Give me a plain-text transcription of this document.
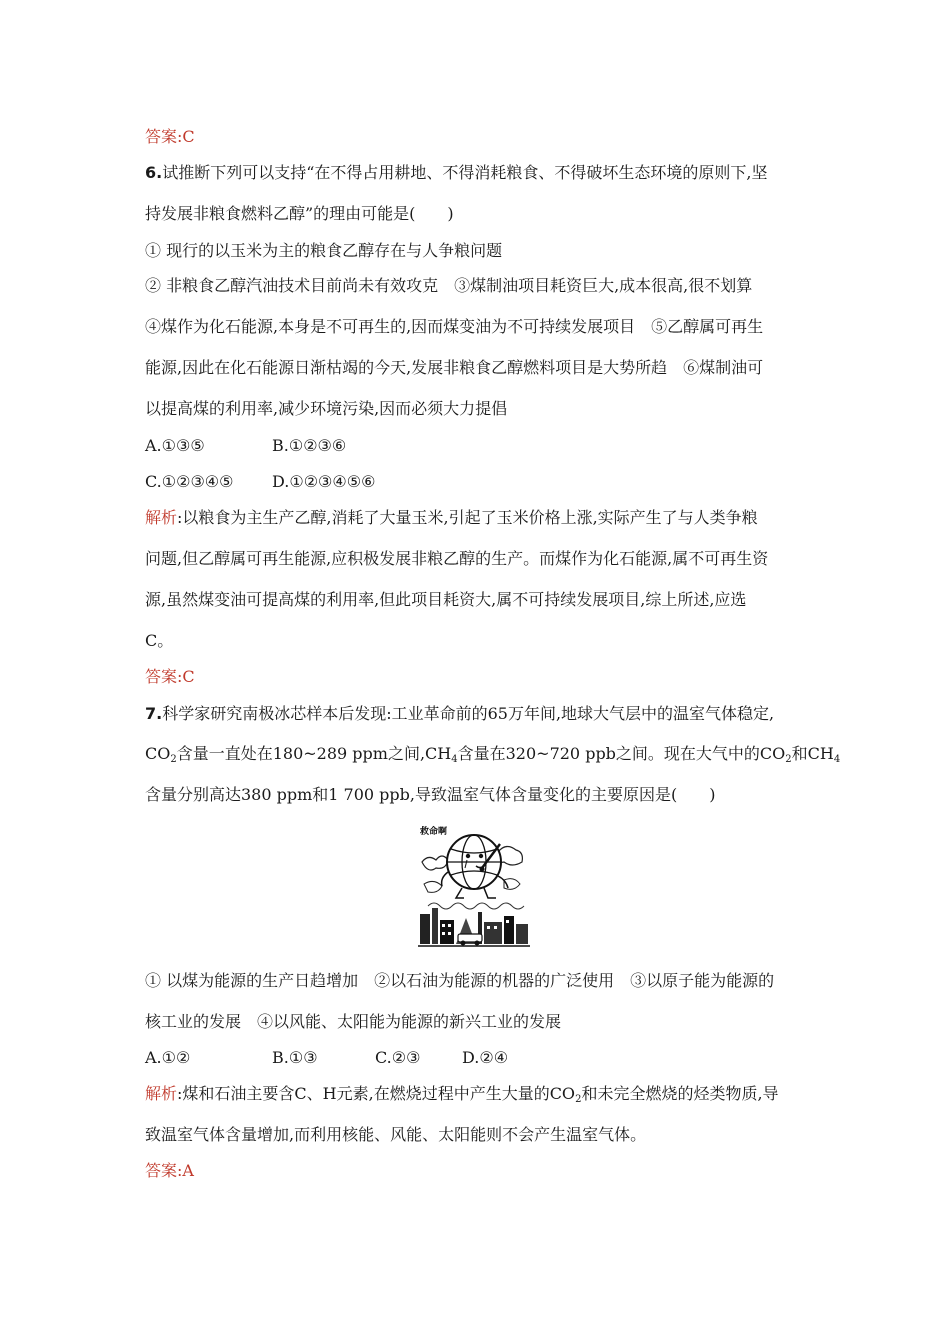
答案:C
6.试推断下列可以支持“在不得占用耕地、不得消耗粮食、不得破坏生态环境的原则下,坚
持发展非粮食燃料乙醇”的理由可能是(　　)
① 现行的以玉米为主的粮食乙醇存在与人争粮问题
② 非粮食乙醇汽油技术目前尚未有效攻克　③煤制油项目耗资巨大,成本很高,很不划算
④煤作为化石能源,本身是不可再生的,因而煤变油为不可持续发展项目　⑤乙醇属可再生
能源,因此在化石能源日渐枯竭的今天,发展非粮食乙醇燃料项目是大势所趋　⑥煤制油可
以提高煤的利用率,减少环境污染,因而必须大力提倡
A.①③⑤	B.①②③⑥
C.①②③④⑤ D.①②③④⑤⑥
解析:以粮食为主生产乙醇,消耗了大量玉米,引起了玉米价格上涨,实际产生了与人类争粮
问题,但乙醇属可再生能源,应积极发展非粮乙醇的生产。而煤作为化石能源,属不可再生资
源,虽然煤变油可提高煤的利用率,但此项目耗资大,属不可持续发展项目,综上所述,应选
C。
答案:C
7.科学家研究南极冰芯样本后发现:工业革命前的65万年间,地球大气层中的温室气体稳定,
$CO_2$含量一直处在180~289 ppm之间$,CH_4$含量在320~720 ppb之间。现在大气中的$CO_2$和$CH_4$
含量分别高达380 ppm和1 700 ppb,导致温室气体含量变化的主要原因是(　　)
救命啊
① 以煤为能源的生产日趋增加　②以石油为能源的机器的广泛使用　③以原子能为能源的
核工业的发展　④以风能、太阳能为能源的新兴工业的发展
A.①②	B.①③	C.②③	D.②④
解析:煤和石油主要含C、H元素,在燃烧过程中产生大量的$CO_2$和未完全燃烧的烃类物质,导
致温室气体含量增加,而利用核能、风能、太阳能则不会产生温室气体。
答案:A
